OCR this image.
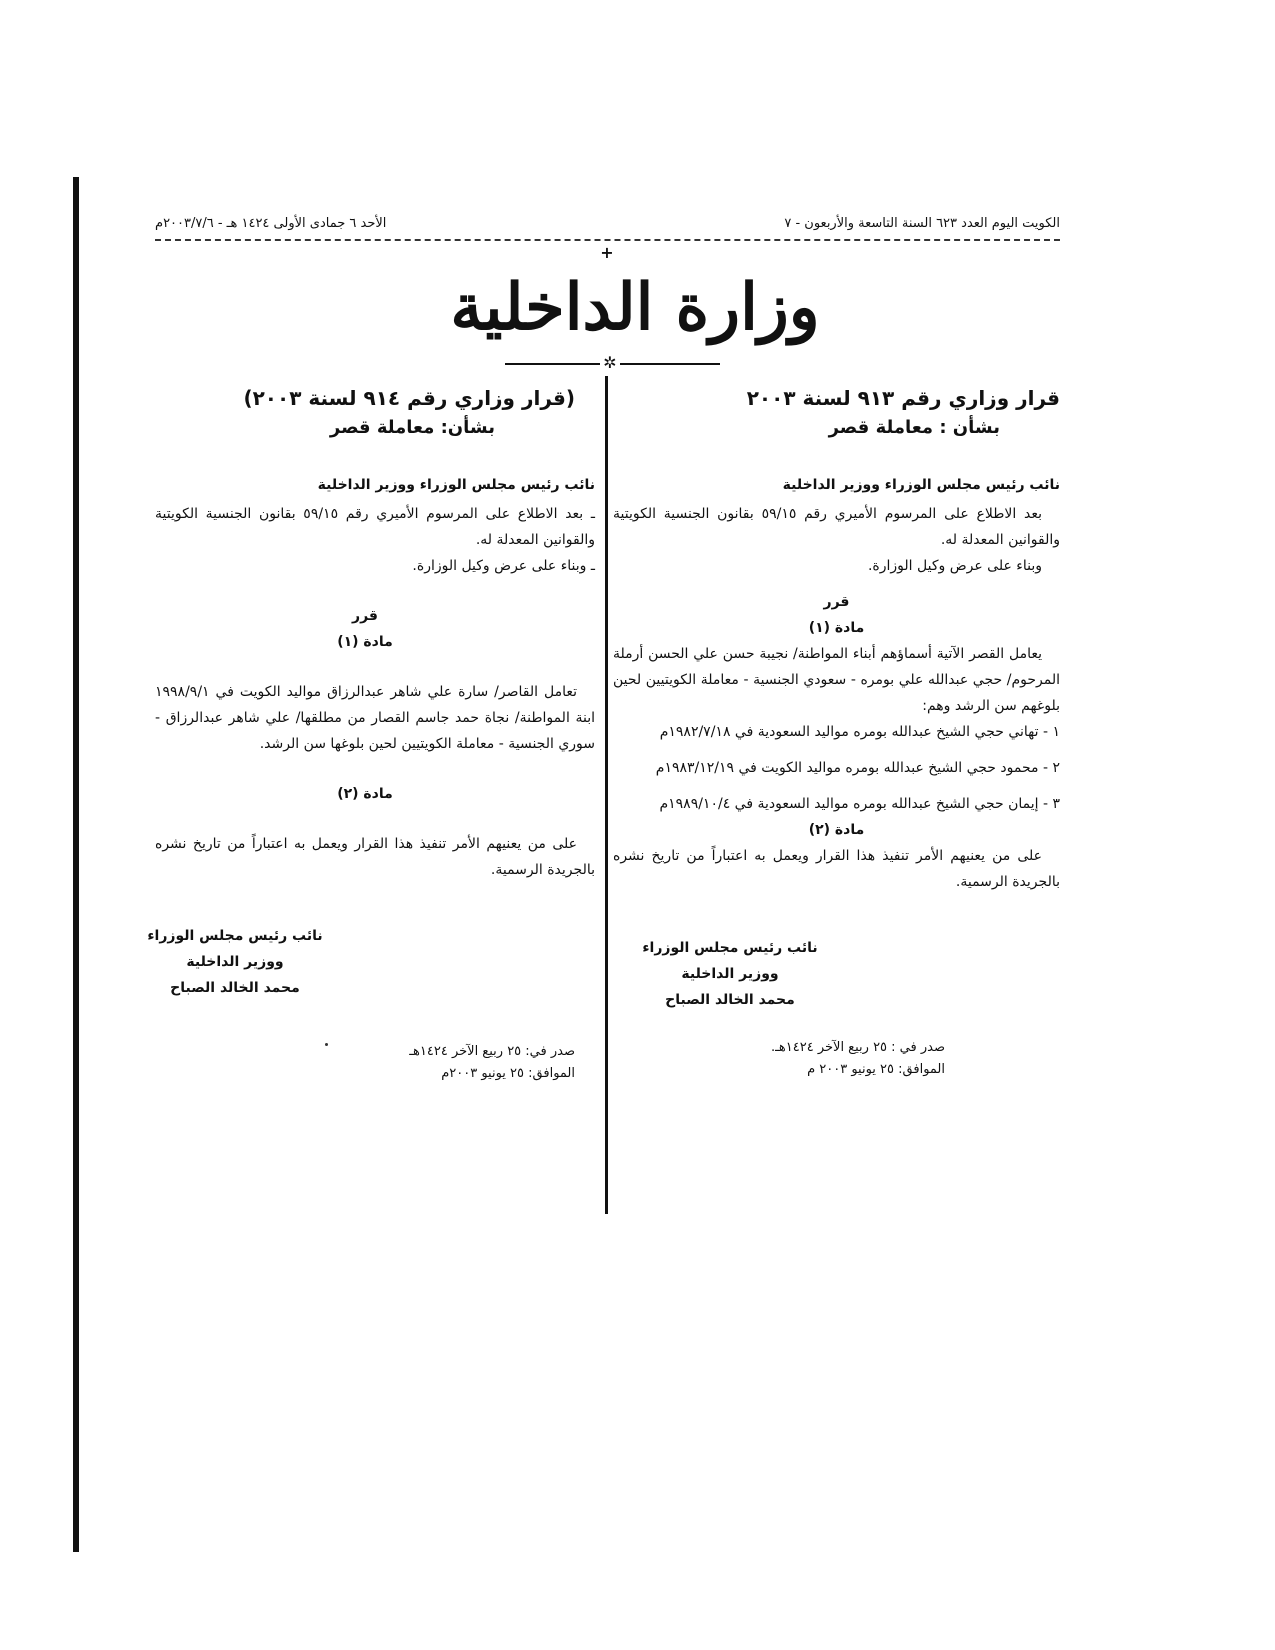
الكويت اليوم العدد ٦٢٣ السنة التاسعة والأربعون - ٧
الأحد ٦ جمادى الأولى ١٤٢٤ هـ - ٢٠٠٣/٧/٦م
+
وزارة الداخلية
✲

قرار وزاري رقم ٩١٣ لسنة ٢٠٠٣

بشأن : معاملة قصر

نائب رئيس مجلس الوزراء ووزير الداخلية

بعد الاطلاع على المرسوم الأميري رقم ٥٩/١٥ بقانون الجنسية الكويتية والقوانين المعدلة له.

وبناء على عرض وكيل الوزارة.

قرر

مادة (١)

يعامل القصر الآتية أسماؤهم أبناء المواطنة/ نجيبة حسن علي الحسن أرملة المرحوم/ حجي عبدالله علي بومره - سعودي الجنسية - معاملة الكويتيين لحين بلوغهم سن الرشد وهم:

١ - تهاني حجي الشيخ عبدالله بومره مواليد السعودية في ١٩٨٢/٧/١٨م

٢ - محمود حجي الشيخ عبدالله بومره مواليد الكويت في ١٩٨٣/١٢/١٩م

٣ - إيمان حجي الشيخ عبدالله بومره مواليد السعودية في ١٩٨٩/١٠/٤م

مادة (٢)

على من يعنيهم الأمر تنفيذ هذا القرار ويعمل به اعتباراً من تاريخ نشره بالجريدة الرسمية.

نائب رئيس مجلس الوزراء

ووزير الداخلية

محمد الخالد الصباح

صدر في : ٢٥ ربيع الآخر ١٤٢٤هـ.

الموافق: ٢٥ يونيو ٢٠٠٣ م

(قرار وزاري رقم ٩١٤ لسنة ٢٠٠٣)

بشأن: معاملة قصر

نائب رئيس مجلس الوزراء ووزير الداخلية

ـ بعد الاطلاع على المرسوم الأميري رقم ٥٩/١٥ بقانون الجنسية الكويتية والقوانين المعدلة له.

ـ وبناء على عرض وكيل الوزارة.

قرر

مادة (١)

تعامل القاصر/ سارة علي شاهر عبدالرزاق مواليد الكويت في ١٩٩٨/٩/١ ابنة المواطنة/ نجاة حمد جاسم القصار من مطلقها/ علي شاهر عبدالرزاق - سوري الجنسية - معاملة الكويتيين لحين بلوغها سن الرشد.

مادة (٢)

على من يعنيهم الأمر تنفيذ هذا القرار ويعمل به اعتباراً من تاريخ نشره بالجريدة الرسمية.

نائب رئيس مجلس الوزراء

ووزير الداخلية

محمد الخالد الصباح

صدر في: ٢٥ ربيع الآخر ١٤٢٤هـ

الموافق: ٢٥ يونيو ٢٠٠٣م
